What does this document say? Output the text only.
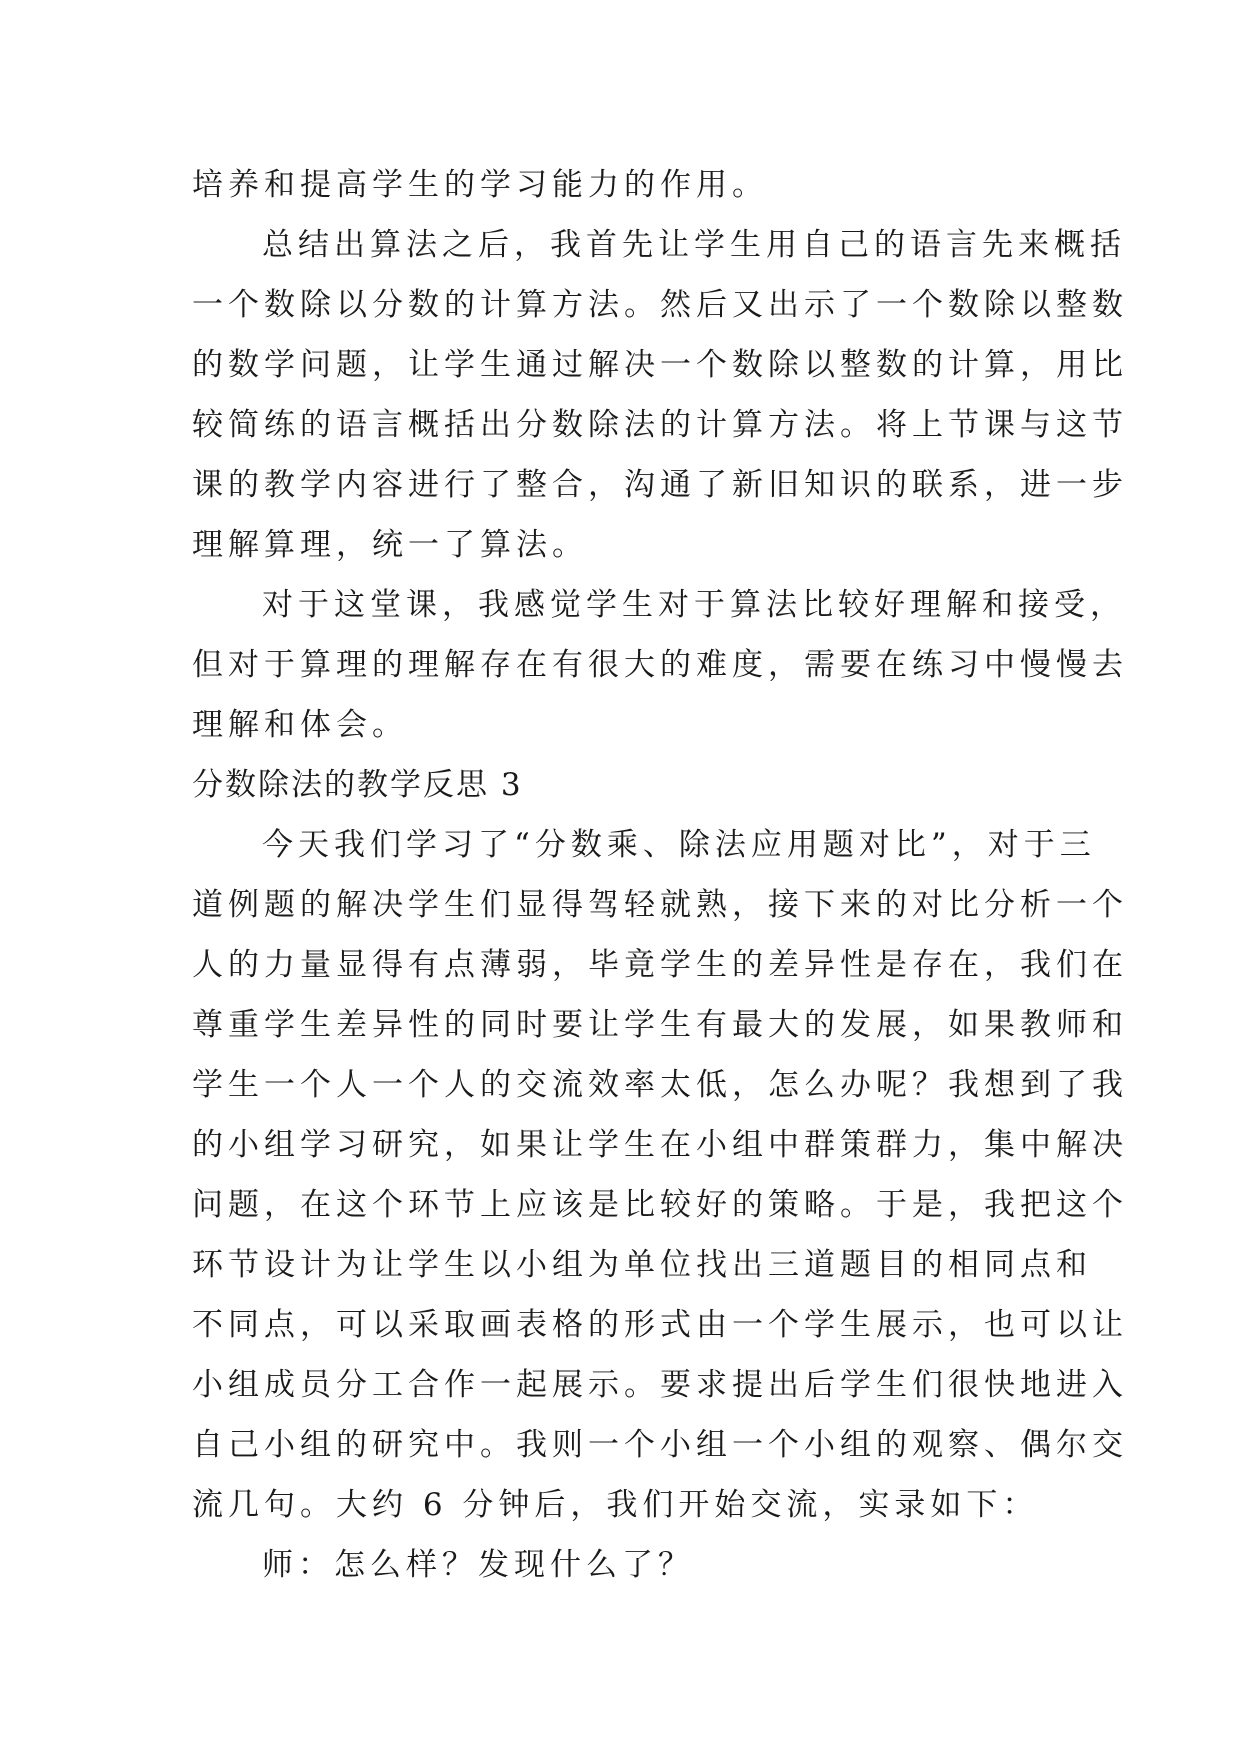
培养和提高学生的学习能力的作用。
总结出算法之后，我首先让学生用自己的语言先来概括
一个数除以分数的计算方法。然后又出示了一个数除以整数
的数学问题，让学生通过解决一个数除以整数的计算，用比
较简练的语言概括出分数除法的计算方法。将上节课与这节
课的教学内容进行了整合，沟通了新旧知识的联系，进一步
理解算理，统一了算法。
对于这堂课，我感觉学生对于算法比较好理解和接受，
但对于算理的理解存在有很大的难度，需要在练习中慢慢去
理解和体会。
分数除法的教学反思 3
今天我们学习了“分数乘、除法应用题对比”，对于三
道例题的解决学生们显得驾轻就熟，接下来的对比分析一个
人的力量显得有点薄弱，毕竟学生的差异性是存在，我们在
尊重学生差异性的同时要让学生有最大的发展，如果教师和
学生一个人一个人的交流效率太低，怎么办呢？我想到了我
的小组学习研究，如果让学生在小组中群策群力，集中解决
问题，在这个环节上应该是比较好的策略。于是，我把这个
环节设计为让学生以小组为单位找出三道题目的相同点和
不同点，可以采取画表格的形式由一个学生展示，也可以让
小组成员分工合作一起展示。要求提出后学生们很快地进入
自己小组的研究中。我则一个小组一个小组的观察、偶尔交
流几句。大约 6 分钟后，我们开始交流，实录如下：
师：怎么样？发现什么了？
